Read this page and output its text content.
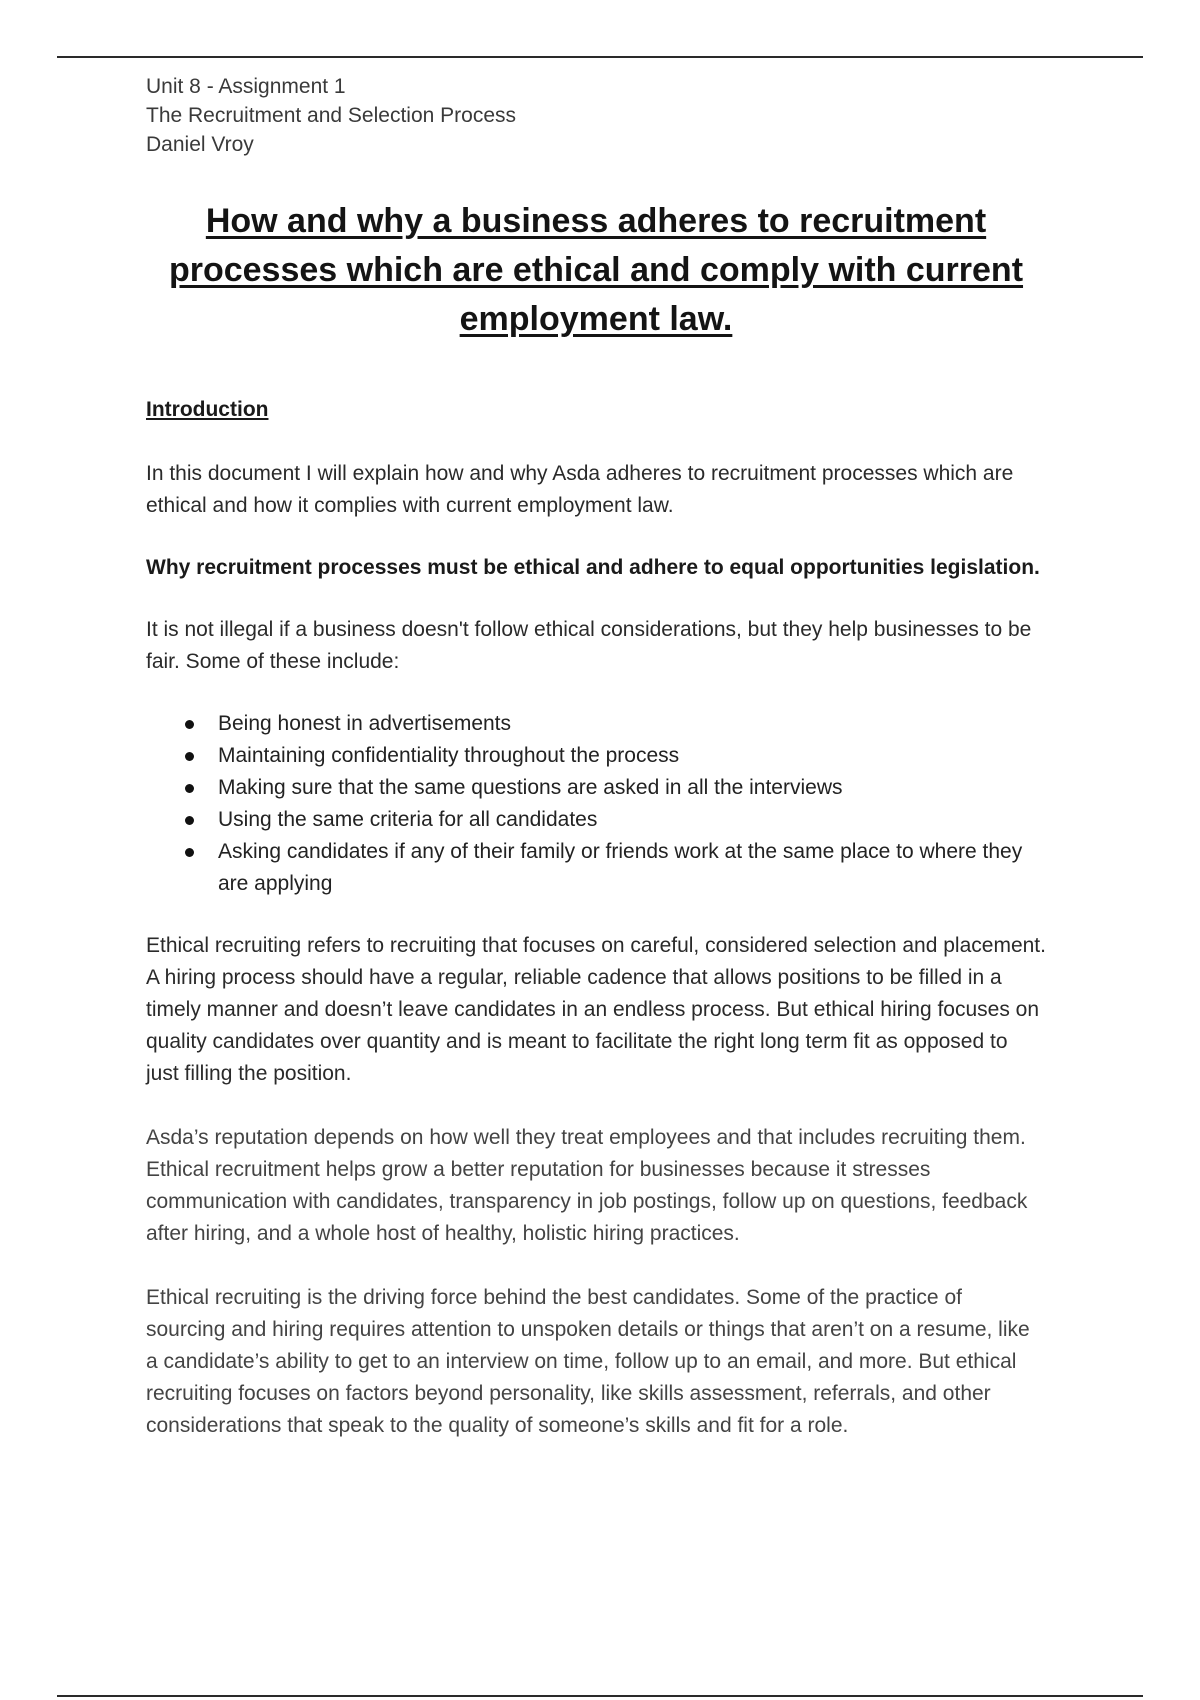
Unit 8 - Assignment 1

The Recruitment and Selection Process

Daniel Vroy

How and why a business adheres to recruitment processes which are ethical and comply with current employment law.
Introduction

In this document I will explain how and why Asda adheres to recruitment processes which are ethical and how it complies with current employment law.

Why recruitment processes must be ethical and adhere to equal opportunities legislation.

It is not illegal if a business doesn't follow ethical considerations, but they help businesses to be fair. Some of these include:

Being honest in advertisements
Maintaining confidentiality throughout the process
Making sure that the same questions are asked in all the interviews
Using the same criteria for all candidates
Asking candidates if any of their family or friends work at the same place to where they are applying

Ethical recruiting refers to recruiting that focuses on careful, considered selection and placement. A hiring process should have a regular, reliable cadence that allows positions to be filled in a timely manner and doesn’t leave candidates in an endless process. But ethical hiring focuses on quality candidates over quantity and is meant to facilitate the right long term fit as opposed to just filling the position.

Asda’s reputation depends on how well they treat employees and that includes recruiting them. Ethical recruitment helps grow a better reputation for businesses because it stresses communication with candidates, transparency in job postings, follow up on questions, feedback after hiring, and a whole host of healthy, holistic hiring practices.

Ethical recruiting is the driving force behind the best candidates. Some of the practice of sourcing and hiring requires attention to unspoken details or things that aren’t on a resume, like a candidate’s ability to get to an interview on time, follow up to an email, and more. But ethical recruiting focuses on factors beyond personality, like skills assessment, referrals, and other considerations that speak to the quality of someone’s skills and fit for a role.
